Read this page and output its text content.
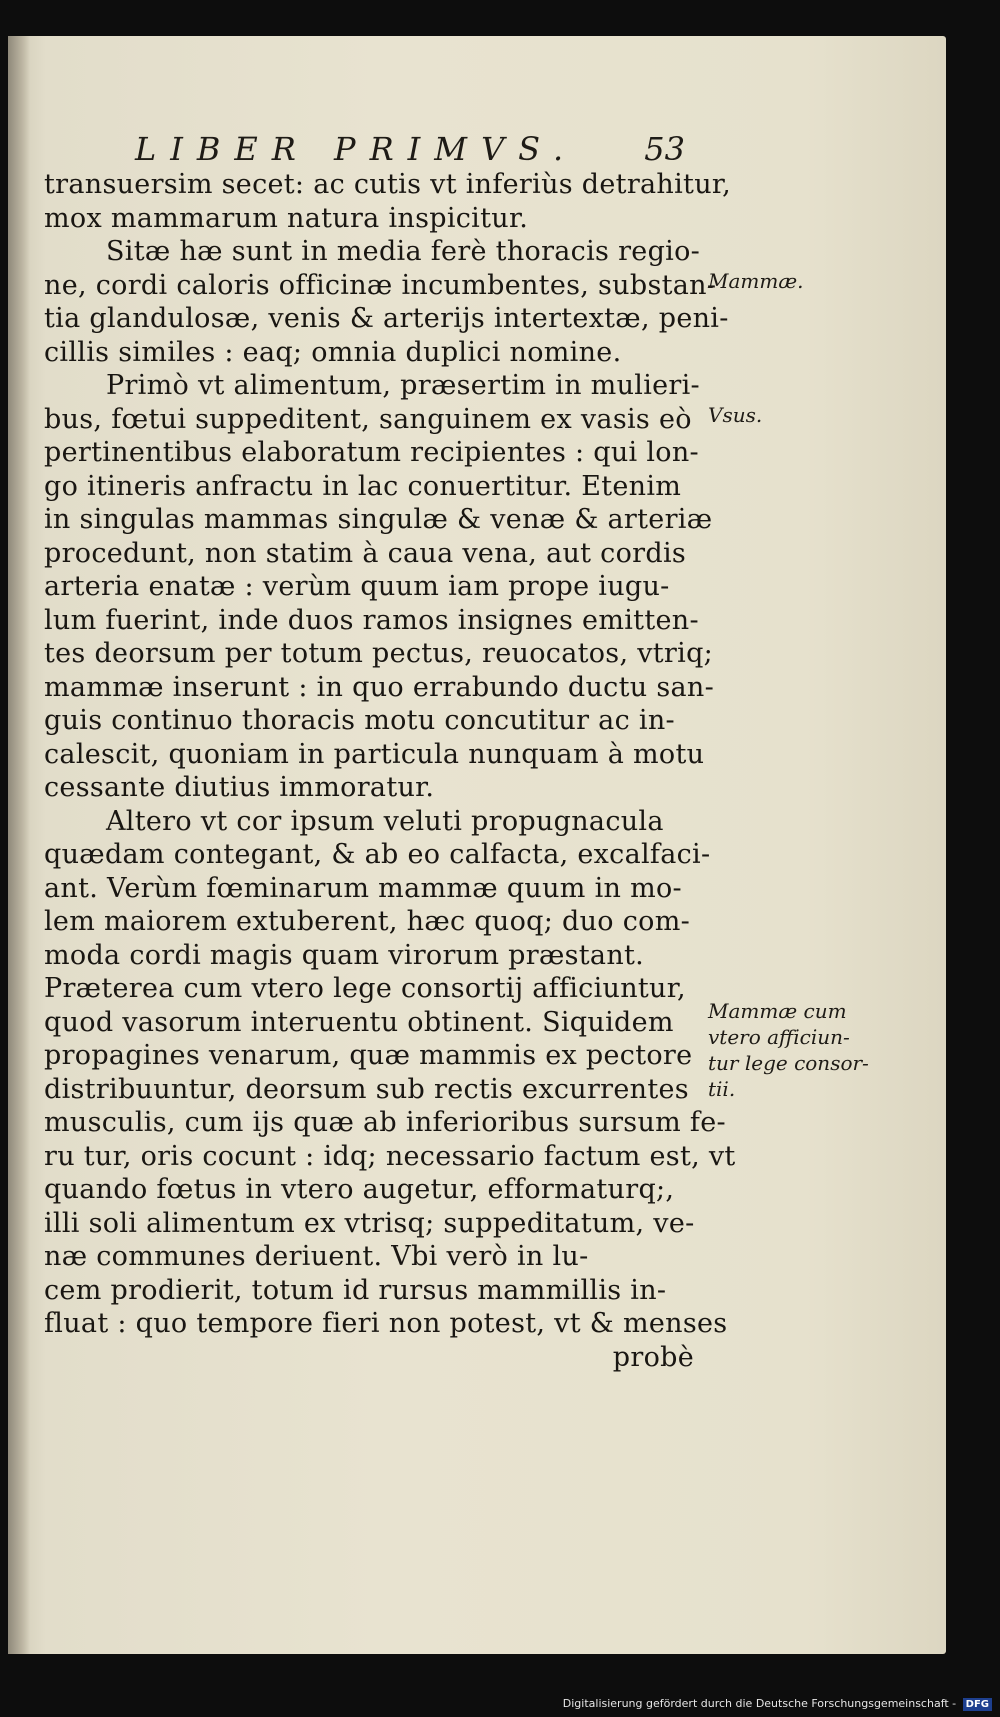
LIBER PRIMVS. 53
transuersim secet: ac cutis vt inferiùs detrahitur,
mox mammarum natura inspicitur.
Sitæ hæ sunt in media ferè thoracis regio-
ne, cordi caloris officinæ incumbentes, substan-
tia glandulosæ, venis & arterijs intertextæ, peni-
cillis similes : eaq; omnia duplici nomine.
Primò vt alimentum, præsertim in mulieri-
bus, fœtui suppeditent, sanguinem ex vasis eò
pertinentibus elaboratum recipientes : qui lon-
go itineris anfractu in lac conuertitur. Etenim
in singulas mammas singulæ & venæ & arteriæ
procedunt, non statim à caua vena, aut cordis
arteria enatæ : verùm quum iam prope iugu-
lum fuerint, inde duos ramos insignes emitten-
tes deorsum per totum pectus, reuocatos, vtriq;
mammæ inserunt : in quo errabundo ductu san-
guis continuo thoracis motu concutitur ac in-
calescit, quoniam in particula nunquam à motu
cessante diutius immoratur.
Altero vt cor ipsum veluti propugnacula
quædam contegant, & ab eo calfacta, excalfaci-
ant. Verùm fœminarum mammæ quum in mo-
lem maiorem extuberent, hæc quoq; duo com-
moda cordi magis quam virorum præstant.
Præterea cum vtero lege consortij afficiuntur,
quod vasorum interuentu obtinent. Siquidem
propagines venarum, quæ mammis ex pectore
distribuuntur, deorsum sub rectis excurrentes
musculis, cum ijs quæ ab inferioribus sursum fe-
ru tur, oris cocunt : idq; necessario factum est, vt
quando fœtus in vtero augetur, efformaturq;,
illi soli alimentum ex vtrisq; suppeditatum, ve-
næ communes deriuent. Vbi verò in lu-
cem prodierit, totum id rursus mammillis in-
fluat : quo tempore fieri non potest, vt & menses
probè
Mammæ.
Vsus.
Mammæ cum
vtero afficiun-
tur lege consor-
tii.
Digitalisierung gefördert durch die Deutsche Forschungsgemeinschaft - DFG
